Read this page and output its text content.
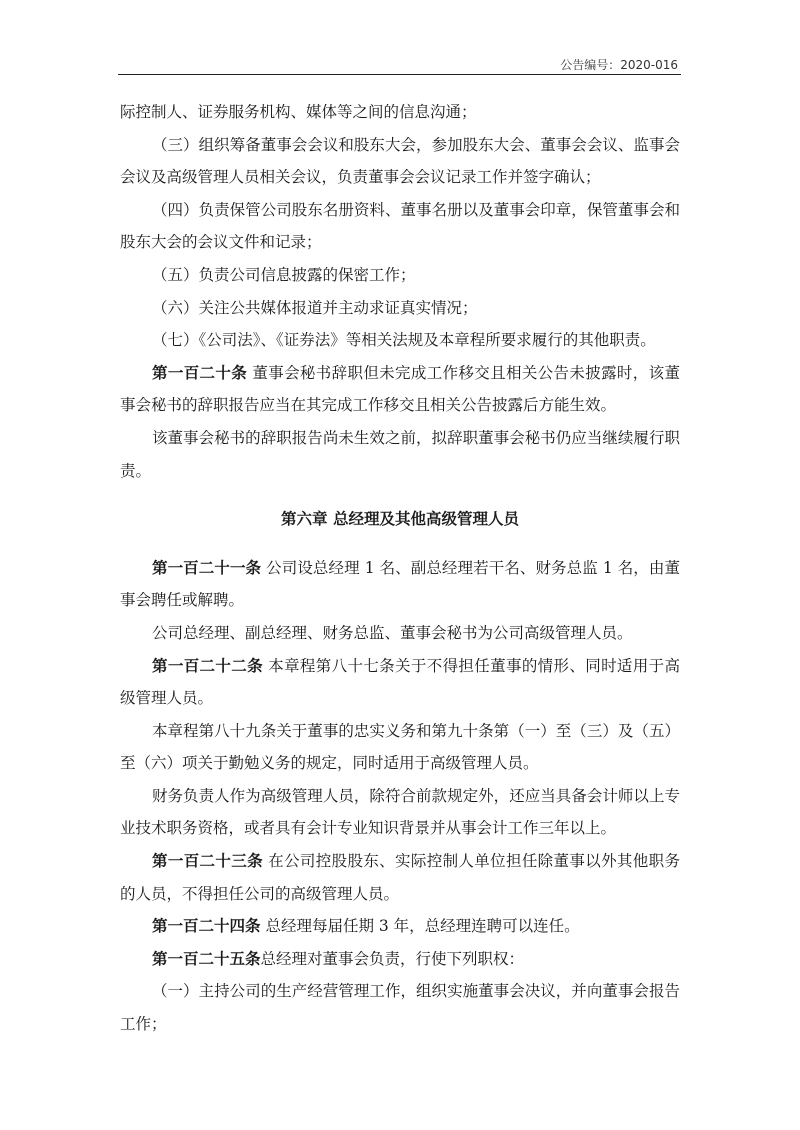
公告编号：2020-016

际控制人、证券服务机构、媒体等之间的信息沟通；

（三）组织筹备董事会会议和股东大会，参加股东大会、董事会会议、监事会会议及高级管理人员相关会议，负责董事会会议记录工作并签字确认；

（四）负责保管公司股东名册资料、董事名册以及董事会印章，保管董事会和股东大会的会议文件和记录；

（五）负责公司信息披露的保密工作；

（六）关注公共媒体报道并主动求证真实情况；

（七）《公司法》、《证券法》等相关法规及本章程所要求履行的其他职责。

第一百二十条 董事会秘书辞职但未完成工作移交且相关公告未披露时，该董事会秘书的辞职报告应当在其完成工作移交且相关公告披露后方能生效。

该董事会秘书的辞职报告尚未生效之前，拟辞职董事会秘书仍应当继续履行职责。

第六章 总经理及其他高级管理人员

第一百二十一条 公司设总经理 1 名、副总经理若干名、财务总监 1 名，由董事会聘任或解聘。

公司总经理、副总经理、财务总监、董事会秘书为公司高级管理人员。

第一百二十二条 本章程第八十七条关于不得担任董事的情形、同时适用于高级管理人员。

本章程第八十九条关于董事的忠实义务和第九十条第（一）至（三）及（五）至（六）项关于勤勉义务的规定，同时适用于高级管理人员。

财务负责人作为高级管理人员，除符合前款规定外，还应当具备会计师以上专业技术职务资格，或者具有会计专业知识背景并从事会计工作三年以上。

第一百二十三条 在公司控股股东、实际控制人单位担任除董事以外其他职务的人员，不得担任公司的高级管理人员。

第一百二十四条 总经理每届任期 3 年，总经理连聘可以连任。

第一百二十五条总经理对董事会负责，行使下列职权：

（一）主持公司的生产经营管理工作，组织实施董事会决议，并向董事会报告工作；
